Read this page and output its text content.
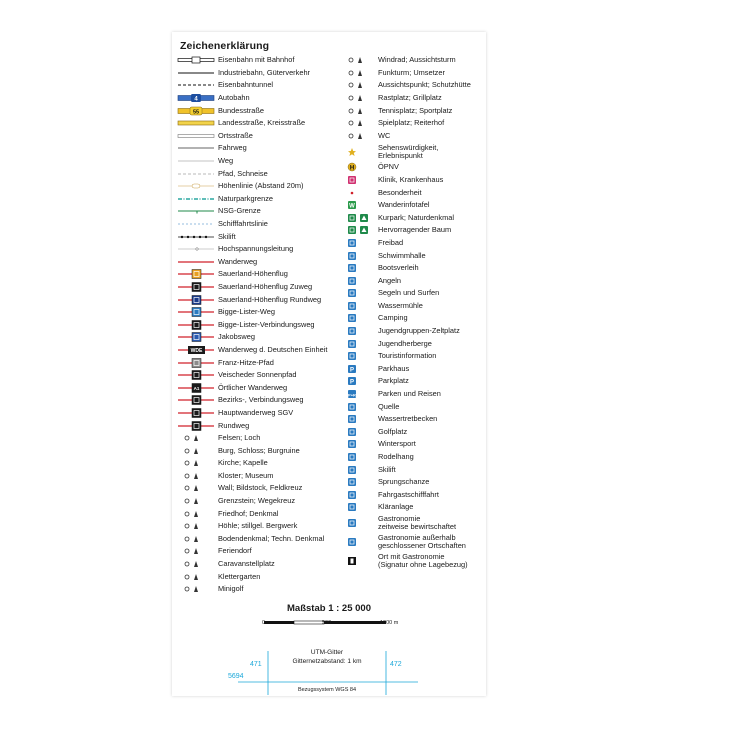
Zeichenerklärung
Eisenbahn mit Bahnhof
Industriebahn, Güterverkehr
Eisenbahntunnel
4	Autobahn
55	Bundesstraße
Landesstraße, Kreisstraße
Ortsstraße
Fahrweg
Weg
Pfad, Schneise
Höhenlinie (Abstand 20m)
Naturparkgrenze
NSG-Grenze
Schifffahrtslinie
Skilift
Hochspannungsleitung
Wanderweg
Sauerland-Höhenflug
Sauerland-Höhenflug Zuweg
Sauerland-Höhenflug Rundweg
Bigge-Lister-Weg
Bigge-Lister-Verbindungsweg
Jakobsweg
WDE Wanderweg d. Deutschen Einheit
Franz-Hitze-Pfad
Veischeder Sonnenpfad
A1	Örtlicher Wanderweg
Bezirks-, Verbindungsweg
Hauptwanderweg SGV
Rundweg
Felsen; Loch
Burg, Schloss; Burgruine
Kirche; Kapelle
Kloster; Museum
Wall; Bildstock, Feldkreuz
Grenzstein; Wegekreuz
Friedhof; Denkmal
Höhle; stillgel. Bergwerk
Bodendenkmal; Techn. Denkmal
Feriendorf
Caravanstellplatz
Klettergarten
Minigolf
Windrad; Aussichtsturm
Funkturm; Umsetzer
Aussichtspunkt; Schutzhütte
Rastplatz; Grillplatz
Tennisplatz; Sportplatz
Spielplatz; Reiterhof
WC
Sehenswürdigkeit,
Erlebnispunkt
H	ÖPNV
Klinik, Krankenhaus
Besonderheit
W	Wanderinfotafel
Kurpark; Naturdenkmal
Hervorragender Baum
Freibad
Schwimmhalle
Bootsverleih
Angeln
Segeln und Surfen
Wassermühle
Camping
Jugendgruppen-Zeltplatz
Jugendherberge
Touristinformation
P	Parkhaus
P	Parkplatz
P+R	Parken und Reisen
Quelle
Wassertretbecken
Golfplatz
Wintersport
Rodelhang
Skilift
Sprungschanze
Fahrgastschifffahrt
Kläranlage
Gastronomie
zeitweise bewirtschaftet
Gastronomie außerhalb
geschlossener Ortschaften
Ort mit Gastronomie
(Signatur ohne Lagebezug)
Maßstab 1 : 25 000
0	500	1000 m
UTM-Gitter
Gitternetzabstand: 1 km
471	472
5694
Bezugssystem WGS 84
